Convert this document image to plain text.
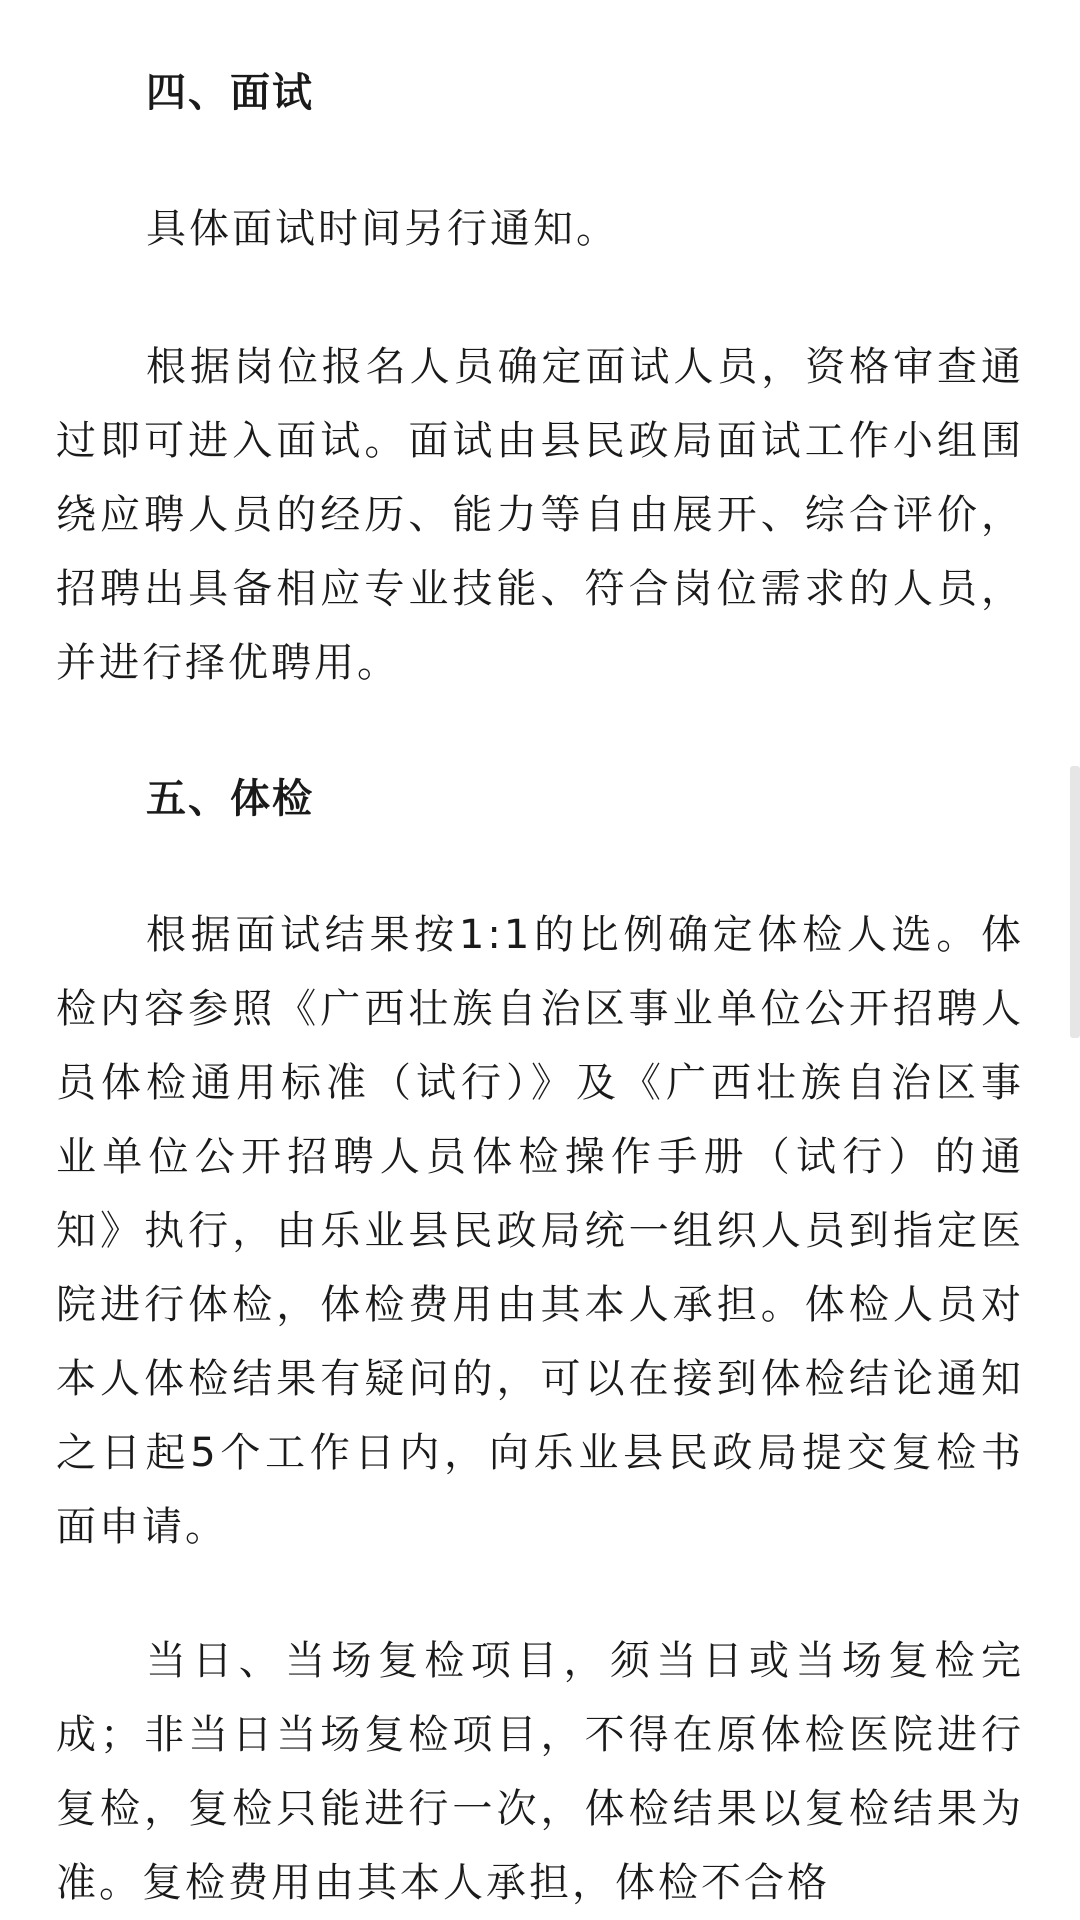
四、面试

具体面试时间另行通知。

根据岗位报名人员确定面试人员，资格审查通过即可进入面试。面试由县民政局面试工作小组围绕应聘人员的经历、能力等自由展开、综合评价，招聘出具备相应专业技能、符合岗位需求的人员，并进行择优聘用。

五、体检

根据面试结果按1:1的比例确定体检人选。体检内容参照《广西壮族自治区事业单位公开招聘人员体检通用标准（试行）》及《广西壮族自治区事业单位公开招聘人员体检操作手册（试行）的通知》执行，由乐业县民政局统一组织人员到指定医院进行体检，体检费用由其本人承担。体检人员对本人体检结果有疑问的，可以在接到体检结论通知之日起5个工作日内，向乐业县民政局提交复检书面申请。

当日、当场复检项目，须当日或当场复检完成；非当日当场复检项目，不得在原体检医院进行复检，复检只能进行一次，体检结果以复检结果为准。复检费用由其本人承担，体检不合格
